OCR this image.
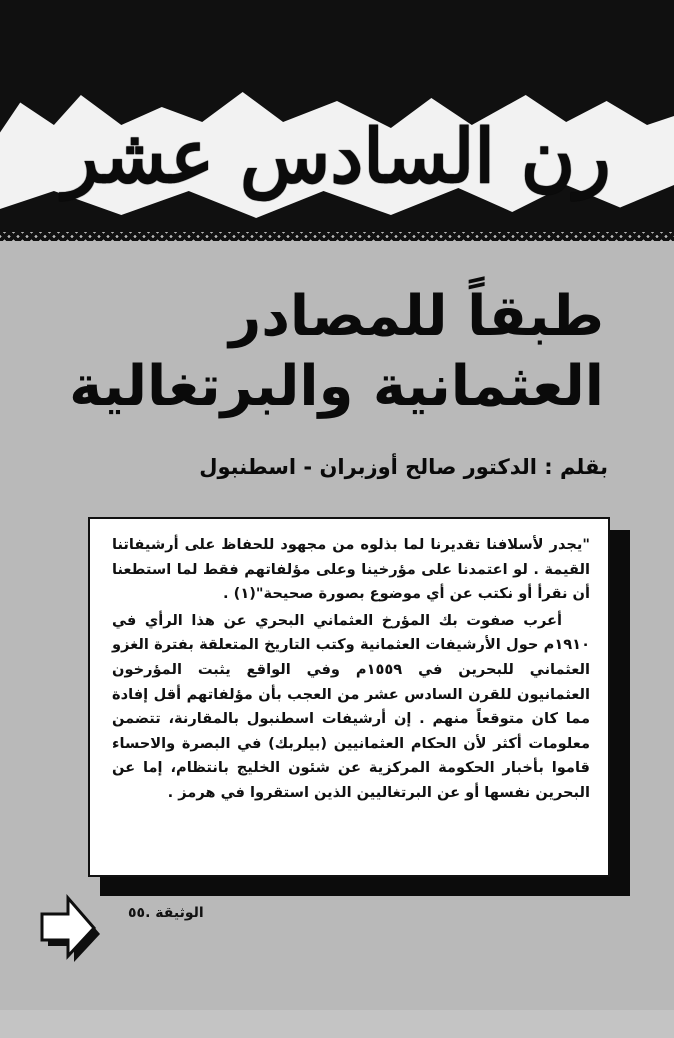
رن السادس عشر
طبقاً للمصادر
العثمانية والبرتغالية
بقلم : الدكتور صالح أوزبران - اسطنبول

"يجدر لأسلافنا تقديرنا لما بذلوه من مجهود للحفاظ على أرشيفاتنا القيمة . لو اعتمدنا على مؤرخينا وعلى مؤلفاتهم فقط لما استطعنا أن نقرأ أو نكتب عن أي موضوع بصورة صحيحة"(١) .

أعرب صفوت بك المؤرخ العثماني البحري عن هذا الرأي في ١٩١٠م حول الأرشيفات العثمانية وكتب التاريخ المتعلقة بفترة الغزو العثماني للبحرين في ١٥٥٩م وفي الواقع يثبت المؤرخون العثمانيون للقرن السادس عشر من العجب بأن مؤلفاتهم أقل إفادة مما كان متوقعاً منهم . إن أرشيفات اسطنبول بالمقارنة، تتضمن معلومات أكثر لأن الحكام العثمانيين (بيلربك) في البصرة والاحساء قاموا بأخبار الحكومة المركزية عن شئون الخليج بانتظام، إما عن البحرين نفسها أو عن البرتغاليين الذين استقروا في هرمز .

الوثيقة .٥٥
